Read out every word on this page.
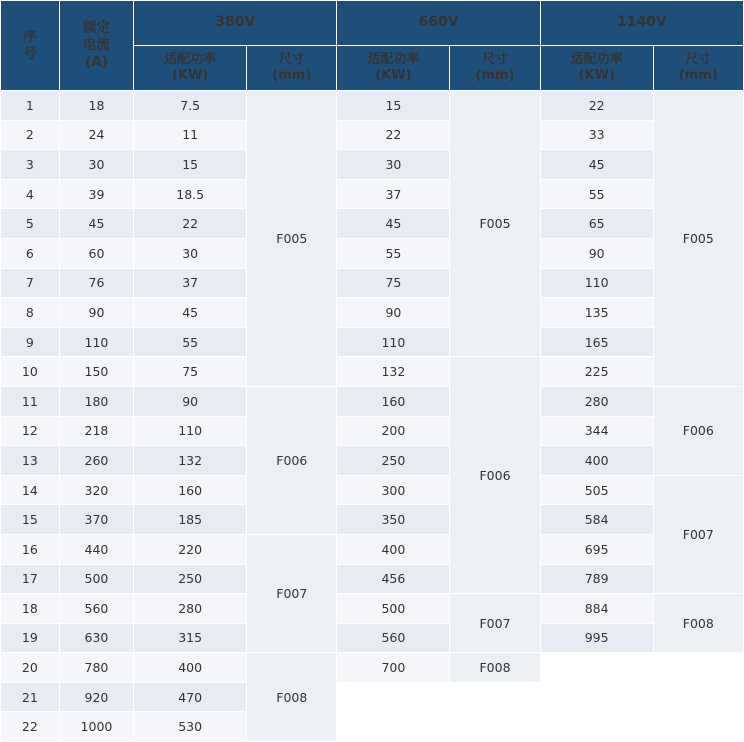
序
号	额定
电流
(A)	380V		660V		1140V	
		适配功率
(KW)	尺寸
(mm)	适配功率
(KW)	尺寸
(mm)	适配功率
(KW)	尺寸
(mm)
1	18	7.5	F005	15	F005	22	F005
2	24	11		22		33	
3	30	15		30		45	
4	39	18.5		37		55	
5	45	22		45		65	
6	60	30		55		90	
7	76	37		75		110	
8	90	45		90		135	
9	110	55		110		165	
10	150	75		132	F006	225	
11	180	90	F006	160		280	F006
12	218	110		200		344	
13	260	132		250		400	
14	320	160		300		505	F007
15	370	185		350		584	
16	440	220	F007	400		695	
17	500	250		456		789	
18	560	280		500	F007	884	F008
19	630	315		560		995	
20	780	400	F008	700	F008		
21	920	470					
22	1000	530					
